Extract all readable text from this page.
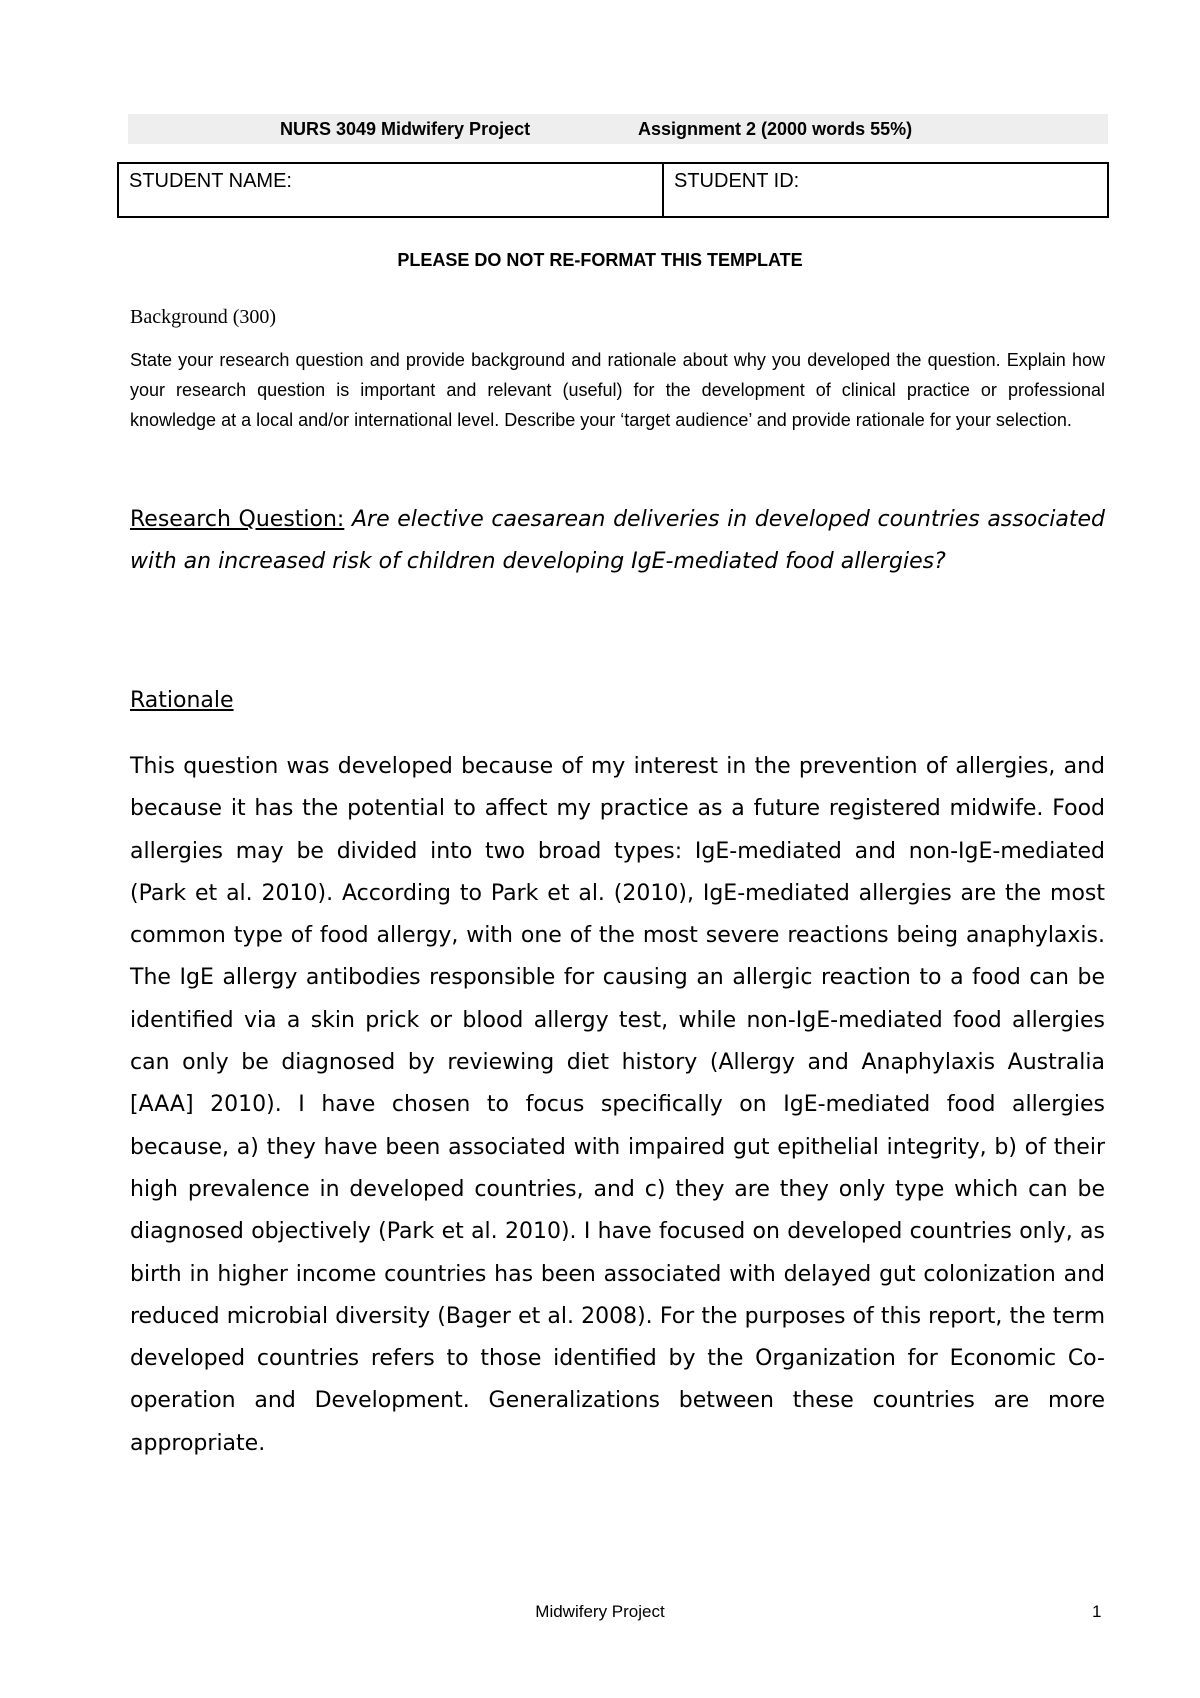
NURS 3049 Midwifery Project	Assignment 2 (2000 words 55%)
STUDENT NAME:	STUDENT ID:
PLEASE DO NOT RE-FORMAT THIS TEMPLATE
Background (300)
State your research question and provide background and rationale about why you developed the question. Explain how your research question is important and relevant (useful) for the development of clinical practice or professional knowledge at a local and/or international level. Describe your ‘target audience’ and provide rationale for your selection.
Research Question: Are elective caesarean deliveries in developed countries associated with an increased risk of children developing IgE-mediated food allergies?
Rationale
This question was developed because of my interest in the prevention of allergies, and because it has the potential to affect my practice as a future registered midwife. Food allergies may be divided into two broad types: IgE-mediated and non-IgE-mediated (Park et al. 2010). According to Park et al. (2010), IgE-mediated allergies are the most common type of food allergy, with one of the most severe reactions being anaphylaxis. The IgE allergy antibodies responsible for causing an allergic reaction to a food can be identified via a skin prick or blood allergy test, while non-IgE-mediated food allergies can only be diagnosed by reviewing diet history (Allergy and Anaphylaxis Australia [AAA] 2010). I have chosen to focus specifically on IgE-mediated food allergies because, a) they have been associated with impaired gut epithelial integrity, b) of their high prevalence in developed countries, and c) they are they only type which can be diagnosed objectively (Park et al. 2010). I have focused on developed countries only, as birth in higher income countries has been associated with delayed gut colonization and reduced microbial diversity (Bager et al. 2008). For the purposes of this report, the term developed countries refers to those identified by the Organization for Economic Co-operation and Development. Generalizations between these countries are more appropriate.
Midwifery Project	1
